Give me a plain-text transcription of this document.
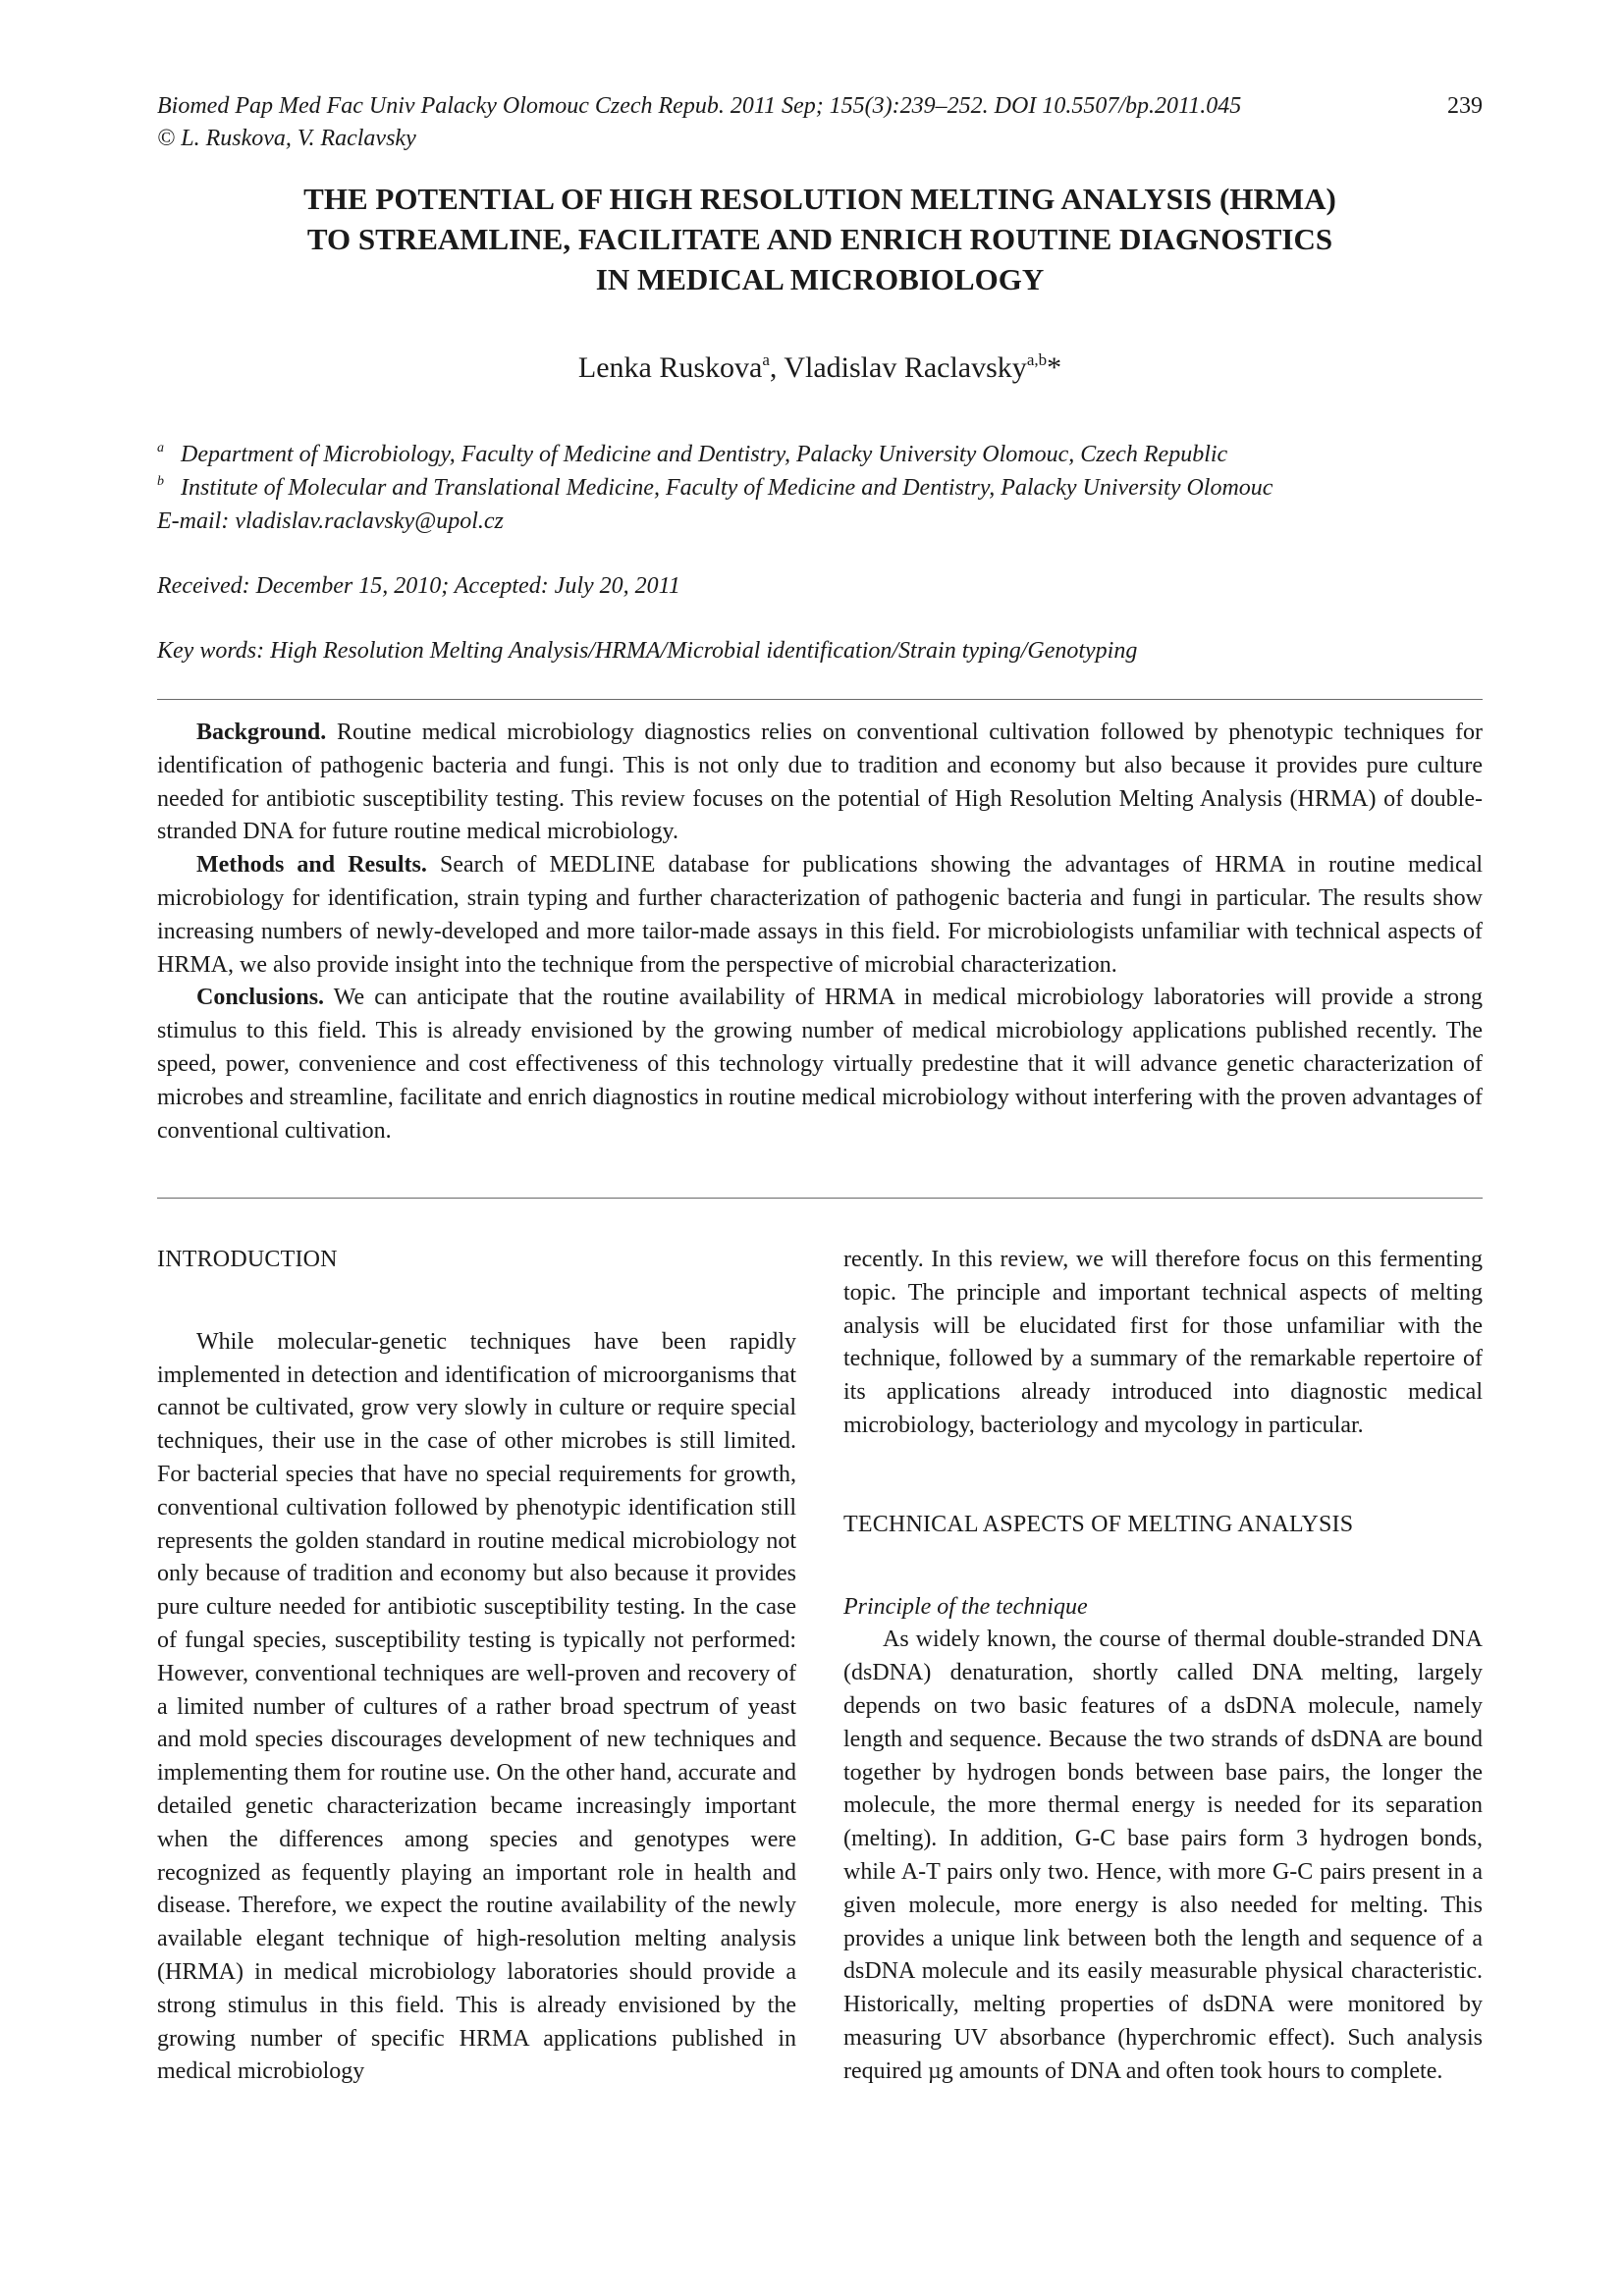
Biomed Pap Med Fac Univ Palacky Olomouc Czech Repub. 2011 Sep; 155(3):239–252. DOI 10.5507/bp.2011.045	239
© L. Ruskova, V. Raclavsky
THE POTENTIAL OF HIGH RESOLUTION MELTING ANALYSIS (HRMA)
TO STREAMLINE, FACILITATE AND ENRICH ROUTINE DIAGNOSTICS
IN MEDICAL MICROBIOLOGY
Lenka Ruskova$^a$, Vladislav Raclavsky$^{a,b}$*
a Department of Microbiology, Faculty of Medicine and Dentistry, Palacky University Olomouc, Czech Republic
b Institute of Molecular and Translational Medicine, Faculty of Medicine and Dentistry, Palacky University Olomouc
E-mail: vladislav.raclavsky@upol.cz
Received: December 15, 2010; Accepted: July 20, 2011
Key words: High Resolution Melting Analysis/HRMA/Microbial identification/Strain typing/Genotyping

Background. Routine medical microbiology diagnostics relies on conventional cultivation followed by phenotypic techniques for identification of pathogenic bacteria and fungi. This is not only due to tradition and economy but also because it provides pure culture needed for antibiotic susceptibility testing. This review focuses on the potential of High Resolution Melting Analysis (HRMA) of double-stranded DNA for future routine medical microbiology.

Methods and Results. Search of MEDLINE database for publications showing the advantages of HRMA in routine medical microbiology for identification, strain typing and further characterization of pathogenic bacteria and fungi in particular. The results show increasing numbers of newly-developed and more tailor-made assays in this field. For microbiologists unfamiliar with technical aspects of HRMA, we also provide insight into the technique from the perspective of microbial characterization.

Conclusions. We can anticipate that the routine availability of HRMA in medical microbiology laboratories will provide a strong stimulus to this field. This is already envisioned by the growing number of medical microbiology applications published recently. The speed, power, convenience and cost effectiveness of this technology virtually predestine that it will advance genetic characterization of microbes and streamline, facilitate and enrich diagnostics in routine medical microbiology without interfering with the proven advantages of conventional cultivation.

INTRODUCTION

While molecular-genetic techniques have been rapidly implemented in detection and identification of microorganisms that cannot be cultivated, grow very slowly in culture or require special techniques, their use in the case of other microbes is still limited. For bacterial species that have no special requirements for growth, conventional cultivation followed by phenotypic identification still represents the golden standard in routine medical microbiology not only because of tradition and economy but also because it provides pure culture needed for antibiotic susceptibility testing. In the case of fungal species, susceptibility testing is typically not performed: However, conventional techniques are well-proven and recovery of a limited number of cultures of a rather broad spectrum of yeast and mold species discourages development of new techniques and implementing them for routine use. On the other hand, accurate and detailed genetic characterization became increasingly important when the differences among species and genotypes were recognized as fequently playing an important role in health and disease. Therefore, we expect the routine availability of the newly available elegant technique of high-resolution melting analysis (HRMA) in medical microbiology laboratories should provide a strong stimulus in this field. This is already envisioned by the growing number of specific HRMA applications published in medical microbiology

recently. In this review, we will therefore focus on this fermenting topic. The principle and important technical aspects of melting analysis will be elucidated first for those unfamiliar with the technique, followed by a summary of the remarkable repertoire of its applications already introduced into diagnostic medical microbiology, bacteriology and mycology in particular.

TECHNICAL ASPECTS OF MELTING ANALYSIS

Principle of the technique

As widely known, the course of thermal double-stranded DNA (dsDNA) denaturation, shortly called DNA melting, largely depends on two basic features of a dsDNA molecule, namely length and sequence. Because the two strands of dsDNA are bound together by hydrogen bonds between base pairs, the longer the molecule, the more thermal energy is needed for its separation (melting). In addition, G-C base pairs form 3 hydrogen bonds, while A-T pairs only two. Hence, with more G-C pairs present in a given molecule, more energy is also needed for melting. This provides a unique link between both the length and sequence of a dsDNA molecule and its easily measurable physical characteristic. Historically, melting properties of dsDNA were monitored by measuring UV absorbance (hyperchromic effect). Such analysis required µg amounts of DNA and often took hours to complete.
